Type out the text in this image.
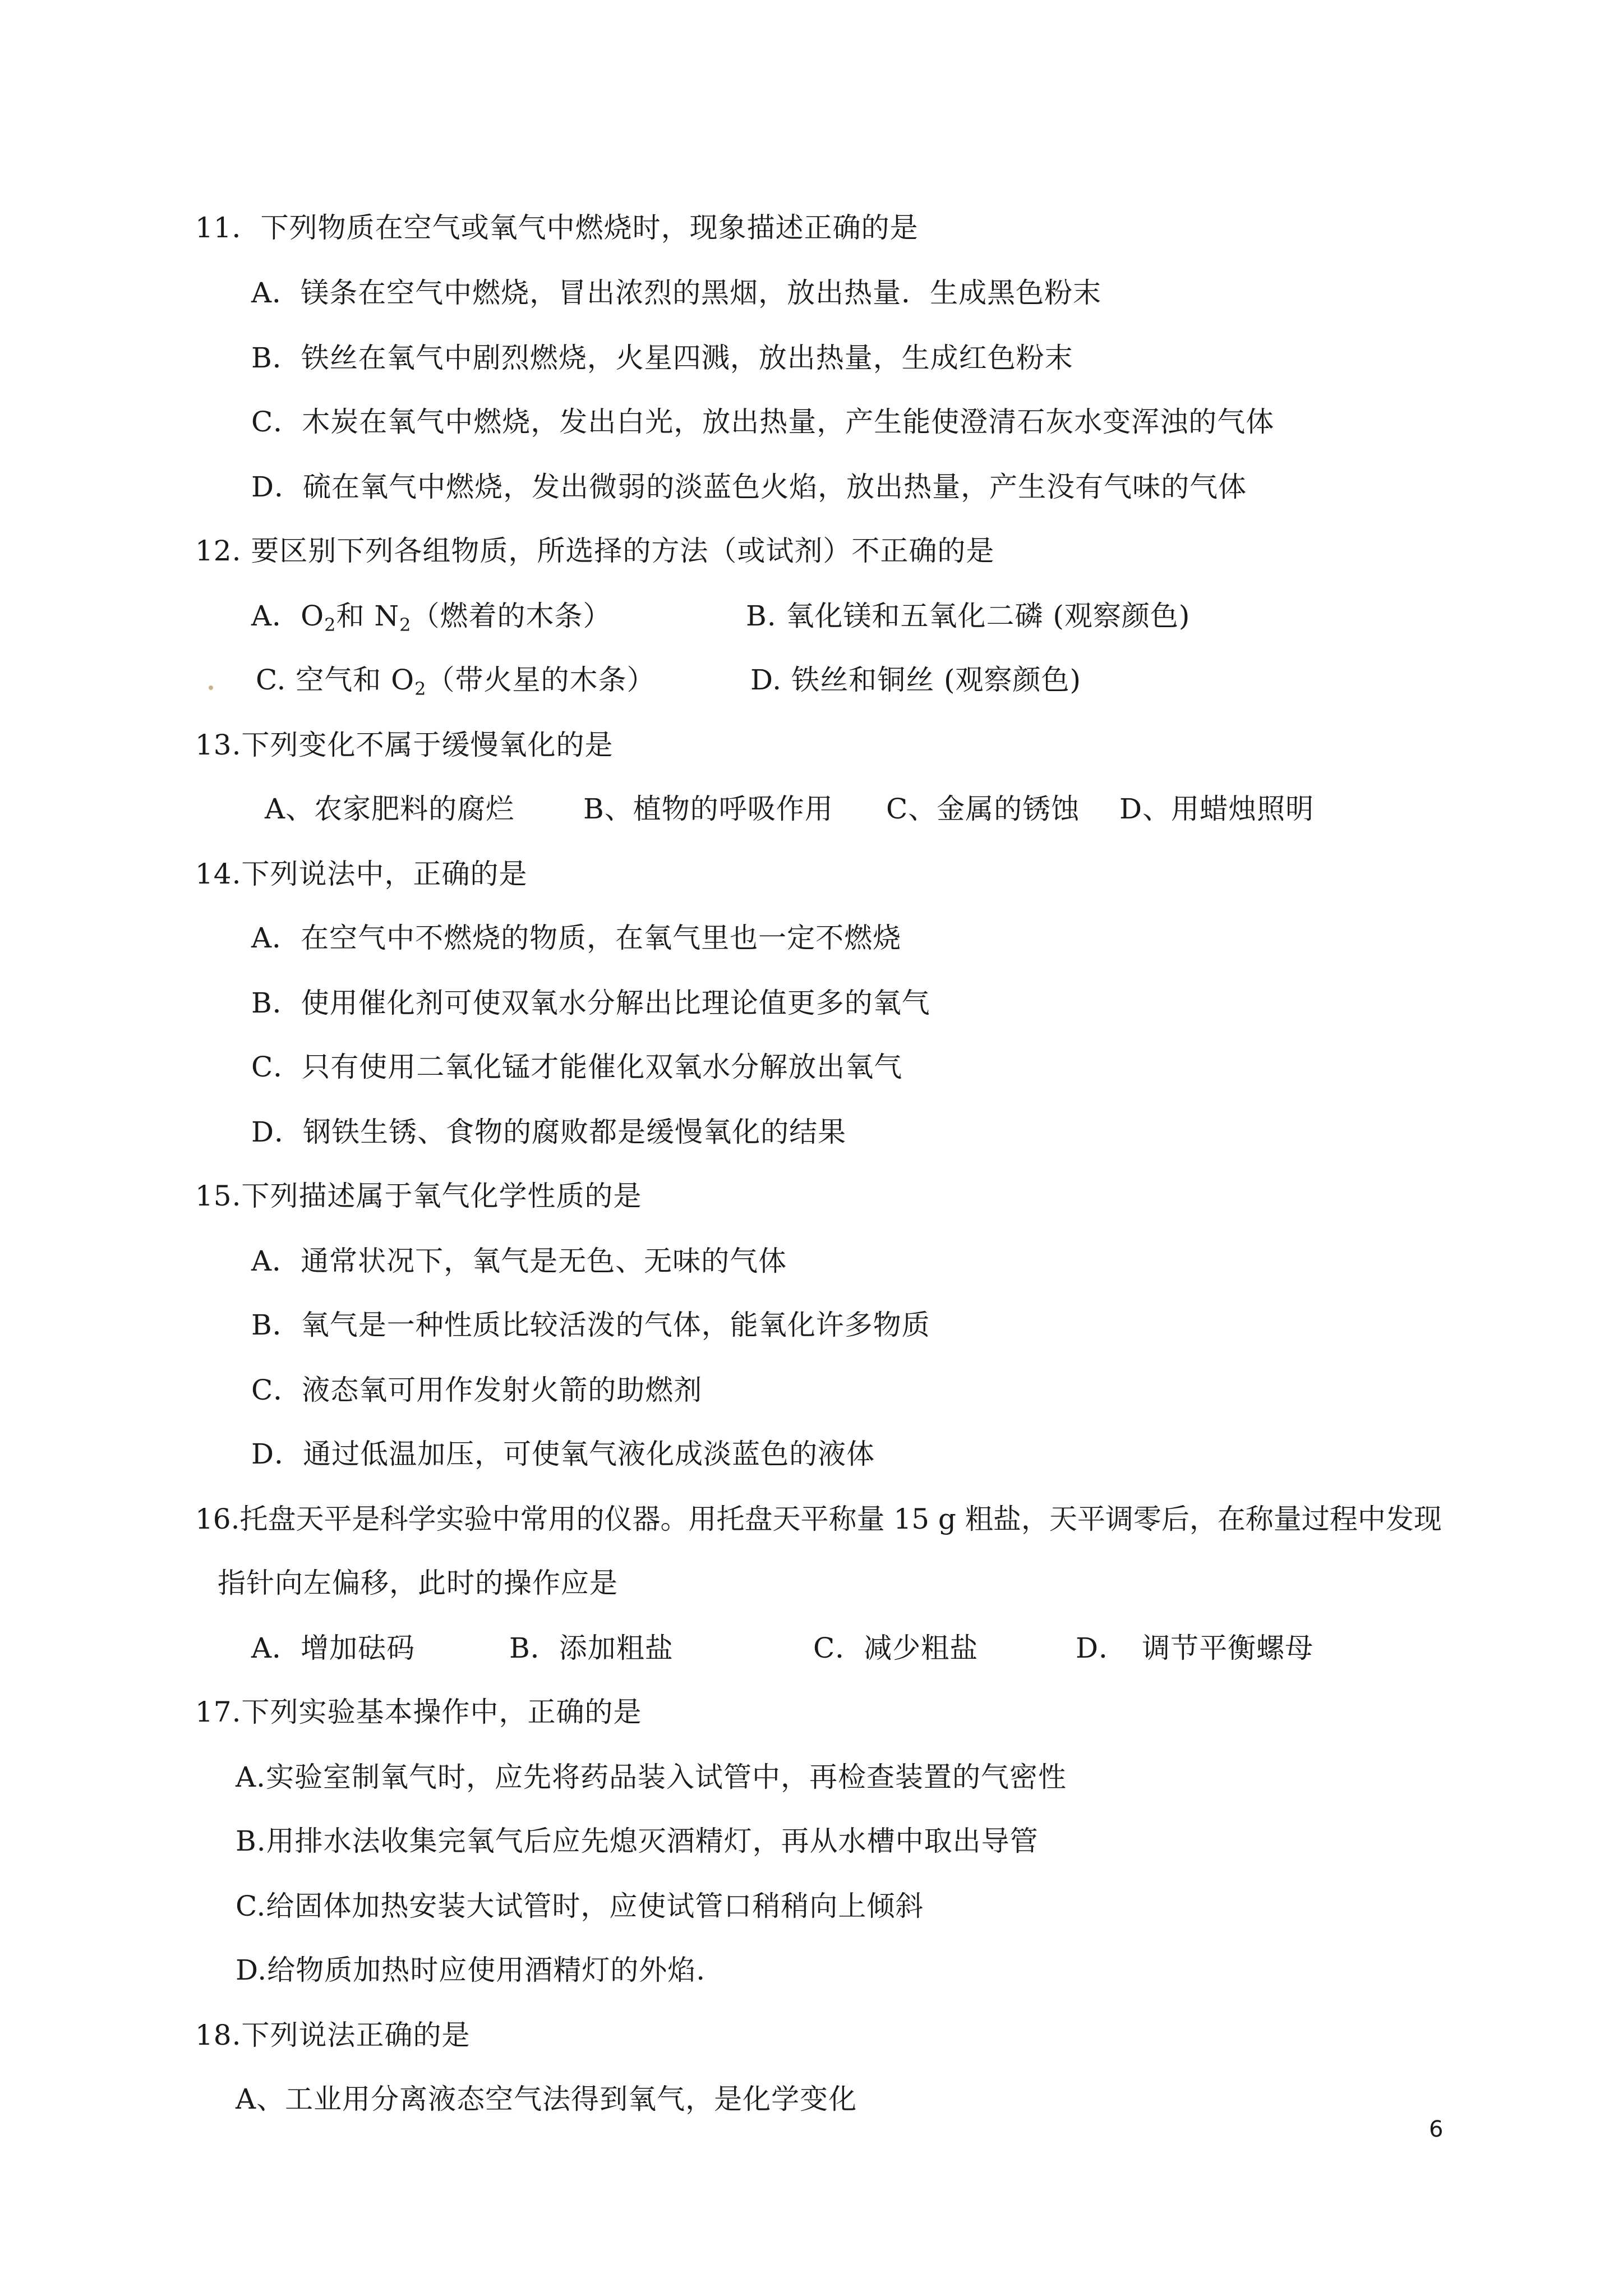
11．下列物质在空气或氧气中燃烧时，现象描述正确的是
A．镁条在空气中燃烧，冒出浓烈的黑烟，放出热量．生成黑色粉末
B．铁丝在氧气中剧烈燃烧，火星四溅，放出热量，生成红色粉末
C．木炭在氧气中燃烧，发出白光，放出热量，产生能使澄清石灰水变浑浊的气体
D．硫在氧气中燃烧，发出微弱的淡蓝色火焰，放出热量，产生没有气味的气体
12. 要区别下列各组物质，所选择的方法（或试剂）不正确的是
A．$O_2$和 $N_2$（燃着的木条）	B. 氧化镁和五氧化二磷 (观察颜色)
C. 空气和 $O_2$（带火星的木条）	D. 铁丝和铜丝 (观察颜色)
13.下列变化不属于缓慢氧化的是
A、农家肥料的腐烂 B、植物的呼吸作用 C、金属的锈蚀 D、用蜡烛照明
14.下列说法中，正确的是
A．在空气中不燃烧的物质，在氧气里也一定不燃烧
B．使用催化剂可使双氧水分解出比理论值更多的氧气
C．只有使用二氧化锰才能催化双氧水分解放出氧气
D．钢铁生锈、食物的腐败都是缓慢氧化的结果
15.下列描述属于氧气化学性质的是
A．通常状况下，氧气是无色、无味的气体
B．氧气是一种性质比较活泼的气体，能氧化许多物质
C．液态氧可用作发射火箭的助燃剂
D．通过低温加压，可使氧气液化成淡蓝色的液体
16.托盘天平是科学实验中常用的仪器。用托盘天平称量 15 g 粗盐，天平调零后，在称量过程中发现
指针向左偏移，此时的操作应是
A．增加砝码	B．添加粗盐	C．减少粗盐	D．　调节平衡螺母
17.下列实验基本操作中，正确的是
A.实验室制氧气时，应先将药品装入试管中，再检查装置的气密性
B.用排水法收集完氧气后应先熄灭酒精灯，再从水槽中取出导管
C.给固体加热安装大试管时，应使试管口稍稍向上倾斜
D.给物质加热时应使用酒精灯的外焰.
18.下列说法正确的是
A、工业用分离液态空气法得到氧气，是化学变化
6
